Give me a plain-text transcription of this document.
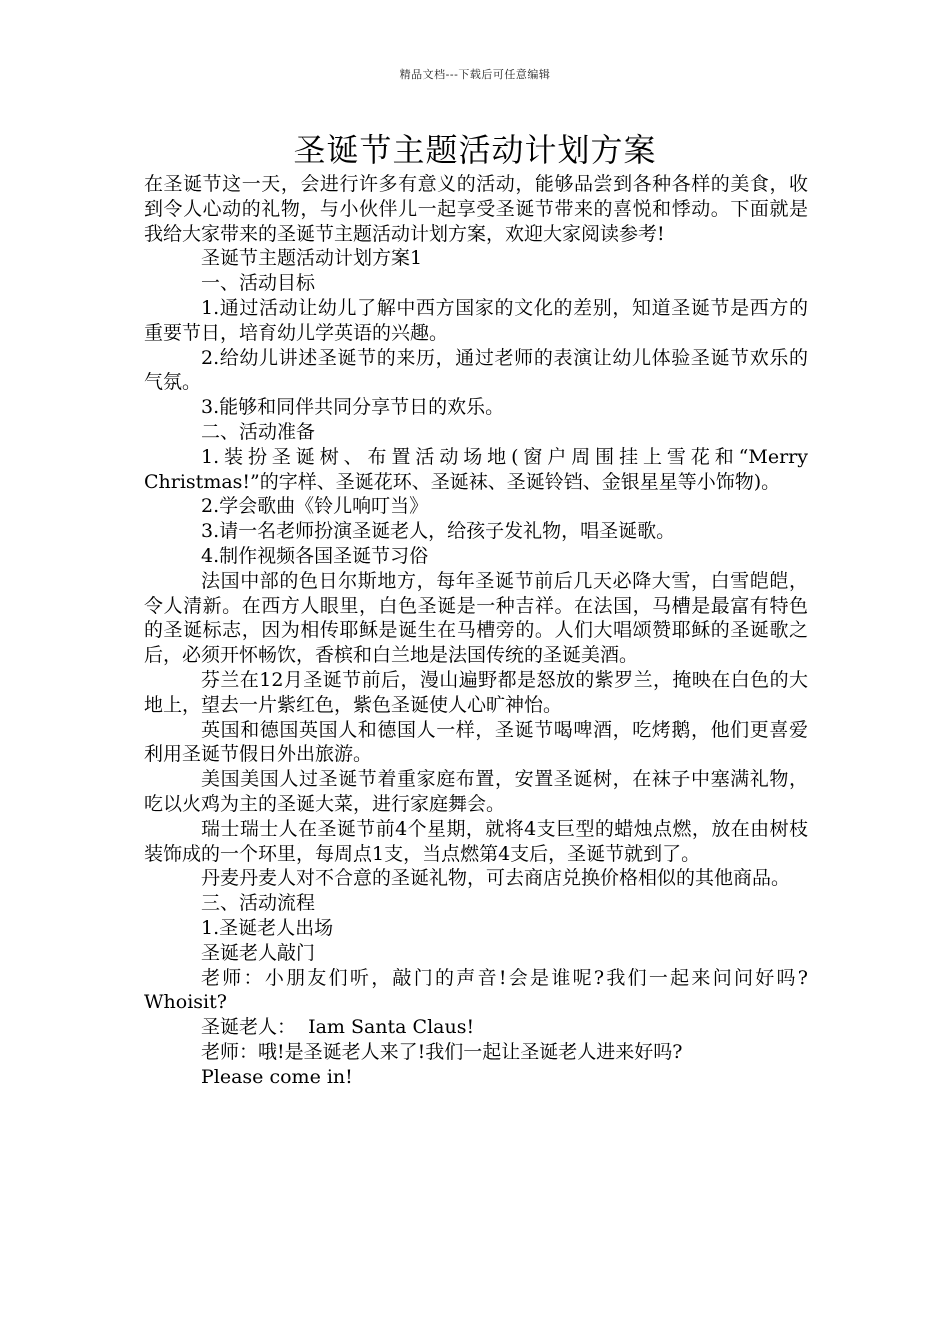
精品文档---下载后可任意编辑
圣诞节主题活动计划方案

在圣诞节这一天，会进行许多有意义的活动，能够品尝到各种各样的美食，收到令人心动的礼物，与小伙伴儿一起享受圣诞节带来的喜悦和悸动。下面就是我给大家带来的圣诞节主题活动计划方案，欢迎大家阅读参考!

圣诞节主题活动计划方案1

一、活动目标

1.通过活动让幼儿了解中西方国家的文化的差别，知道圣诞节是西方的重要节日，培育幼儿学英语的兴趣。

2.给幼儿讲述圣诞节的来历，通过老师的表演让幼儿体验圣诞节欢乐的气氛。

3.能够和同伴共同分享节日的欢乐。

二、活动准备

1.装扮圣诞树、布置活动场地(窗户周围挂上雪花和“Merry Christmas!”的字样、圣诞花环、圣诞袜、圣诞铃铛、金银星星等小饰物)。

2.学会歌曲《铃儿响叮当》

3.请一名老师扮演圣诞老人，给孩子发礼物，唱圣诞歌。

4.制作视频各国圣诞节习俗

法国中部的色日尔斯地方，每年圣诞节前后几天必降大雪，白雪皑皑，令人清新。在西方人眼里，白色圣诞是一种吉祥。在法国，马槽是最富有特色的圣诞标志，因为相传耶稣是诞生在马槽旁的。人们大唱颂赞耶稣的圣诞歌之后，必须开怀畅饮，香槟和白兰地是法国传统的圣诞美酒。

芬兰在12月圣诞节前后，漫山遍野都是怒放的紫罗兰，掩映在白色的大地上，望去一片紫红色，紫色圣诞使人心旷神怡。

英国和德国英国人和德国人一样，圣诞节喝啤酒，吃烤鹅，他们更喜爱利用圣诞节假日外出旅游。

美国美国人过圣诞节着重家庭布置，安置圣诞树，在袜子中塞满礼物，吃以火鸡为主的圣诞大菜，进行家庭舞会。

瑞士瑞士人在圣诞节前4个星期，就将4支巨型的蜡烛点燃，放在由树枝装饰成的一个环里，每周点1支，当点燃第4支后，圣诞节就到了。

丹麦丹麦人对不合意的圣诞礼物，可去商店兑换价格相似的其他商品。

三、活动流程

1.圣诞老人出场

圣诞老人敲门

老师：小朋友们听，敲门的声音!会是谁呢?我们一起来问问好吗?Whoisit?

圣诞老人：  Iam Santa Claus!

老师：哦!是圣诞老人来了!我们一起让圣诞老人进来好吗?

Please come in!
